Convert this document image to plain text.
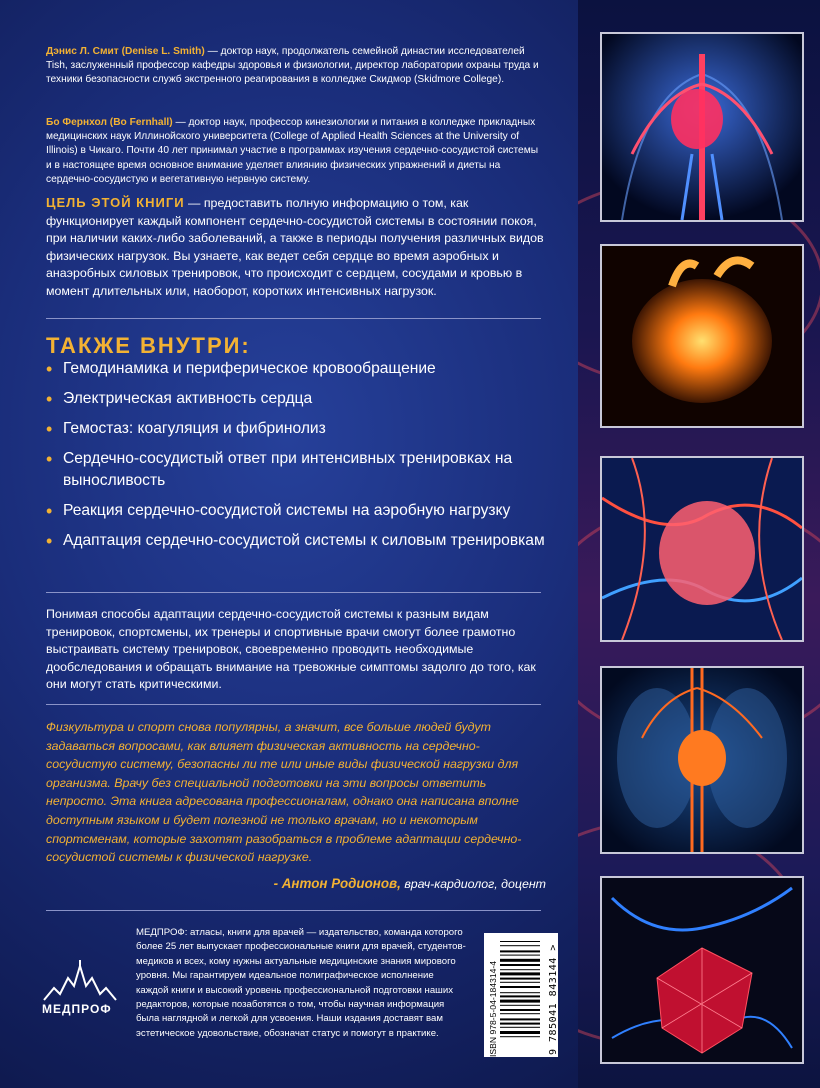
Дэнис Л. Смит (Denise L. Smith) — доктор наук, продолжатель семейной династии исследователей Tish, заслуженный профессор кафедры здоровья и физиологии, директор лаборатории охраны труда и техники безопасности служб экстренного реагирования в колледже Скидмор (Skidmore College).
Бо Фернхол (Bo Fernhall) — доктор наук, профессор кинезиологии и питания в колледже прикладных медицинских наук Иллинойского университета (College of Applied Health Sciences at the University of Illinois) в Чикаго. Почти 40 лет принимал участие в программах изучения сердечно-сосудистой системы и в настоящее время основное внимание уделяет влиянию физических упражнений и диеты на сердечно-сосудистую и вегетативную нервную систему.
ЦЕЛЬ ЭТОЙ КНИГИ — предоставить полную информацию о том, как функционирует каждый компонент сердечно-сосудистой системы в состоянии покоя, при наличии каких-либо заболеваний, а также в периоды получения различных видов физических нагрузок. Вы узнаете, как ведет себя сердце во время аэробных и анаэробных силовых тренировок, что происходит с сердцем, сосудами и кровью в момент длительных или, наоборот, коротких интенсивных нагрузок.
ТАКЖЕ ВНУТРИ:
• Гемодинамика и периферическое кровообращение
• Электрическая активность сердца
• Гемостаз: коагуляция и фибринолиз
• Сердечно-сосудистый ответ при интенсивных тренировках на выносливость
• Реакция сердечно-сосудистой системы на аэробную нагрузку
• Адаптация сердечно-сосудистой системы к силовым тренировкам
Понимая способы адаптации сердечно-сосудистой системы к разным видам тренировок, спортсмены, их тренеры и спортивные врачи смогут более грамотно выстраивать систему тренировок, своевременно проводить необходимые дообследования и обращать внимание на тревожные симптомы задолго до того, как они могут стать критическими.
Физкультура и спорт снова популярны, а значит, все больше людей будут задаваться вопросами, как влияет физическая активность на сердечно-сосудистую систему, безопасны ли те или иные виды физической нагрузки для организма. Врачу без специальной подготовки на эти вопросы ответить непросто. Эта книга адресована профессионалам, однако она написана вполне доступным языком и будет полезной не только врачам, но и некоторым спортсменам, которые захотят разобраться в проблеме адаптации сердечно-сосудистой системы к физической нагрузке.
- Антон Родионов, врач-кардиолог, доцент
МЕДПРОФ
МЕДПРОФ: атласы, книги для врачей — издательство, команда которого более 25 лет выпускает профессиональные книги для врачей, студентов-медиков и всех, кому нужны актуальные медицинские знания мирового уровня. Мы гарантируем идеальное полиграфическое исполнение каждой книги и высокий уровень профессиональной подготовки наших редакторов, которые позаботятся о том, чтобы научная информация была наглядной и легкой для усвоения. Наши издания доставят вам эстетическое удовольствие, обозначат статус и помогут в практике.	ISBN 978-5-04-184314-4	9 785041 843144 >
